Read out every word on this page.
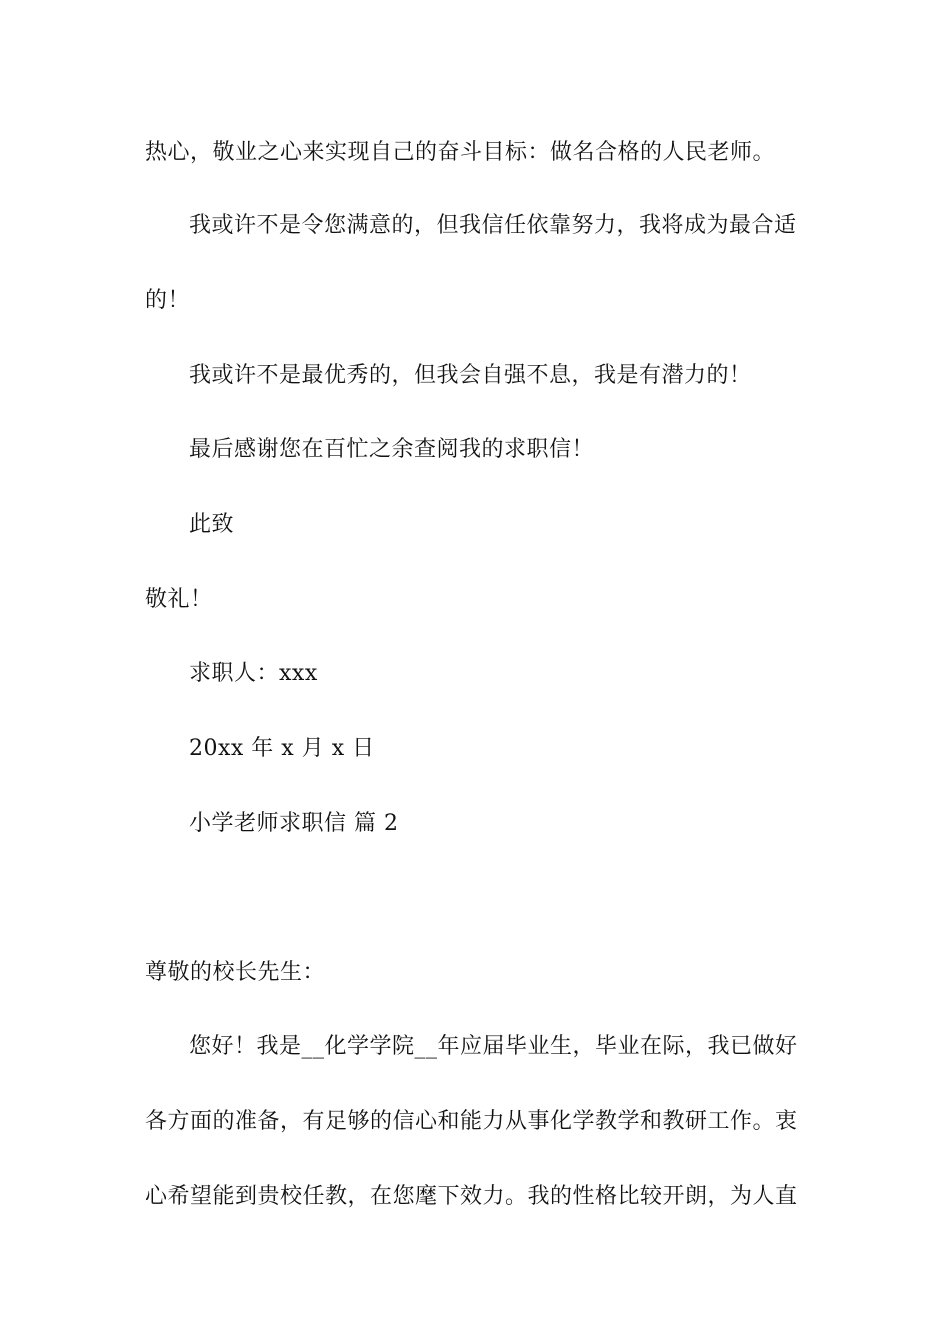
热心，敬业之心来实现自己的奋斗目标：做名合格的人民老师。
我或许不是令您满意的，但我信任依靠努力，我将成为最合适
的！
我或许不是最优秀的，但我会自强不息，我是有潜力的！
最后感谢您在百忙之余查阅我的求职信！
此致
敬礼！
求职人：xxx
20xx 年 x 月 x 日
小学老师求职信 篇 2
尊敬的校长先生：
您好！我是__化学学院__年应届毕业生，毕业在际，我已做好
各方面的准备，有足够的信心和能力从事化学教学和教研工作。衷
心希望能到贵校任教，在您麾下效力。我的性格比较开朗，为人直
